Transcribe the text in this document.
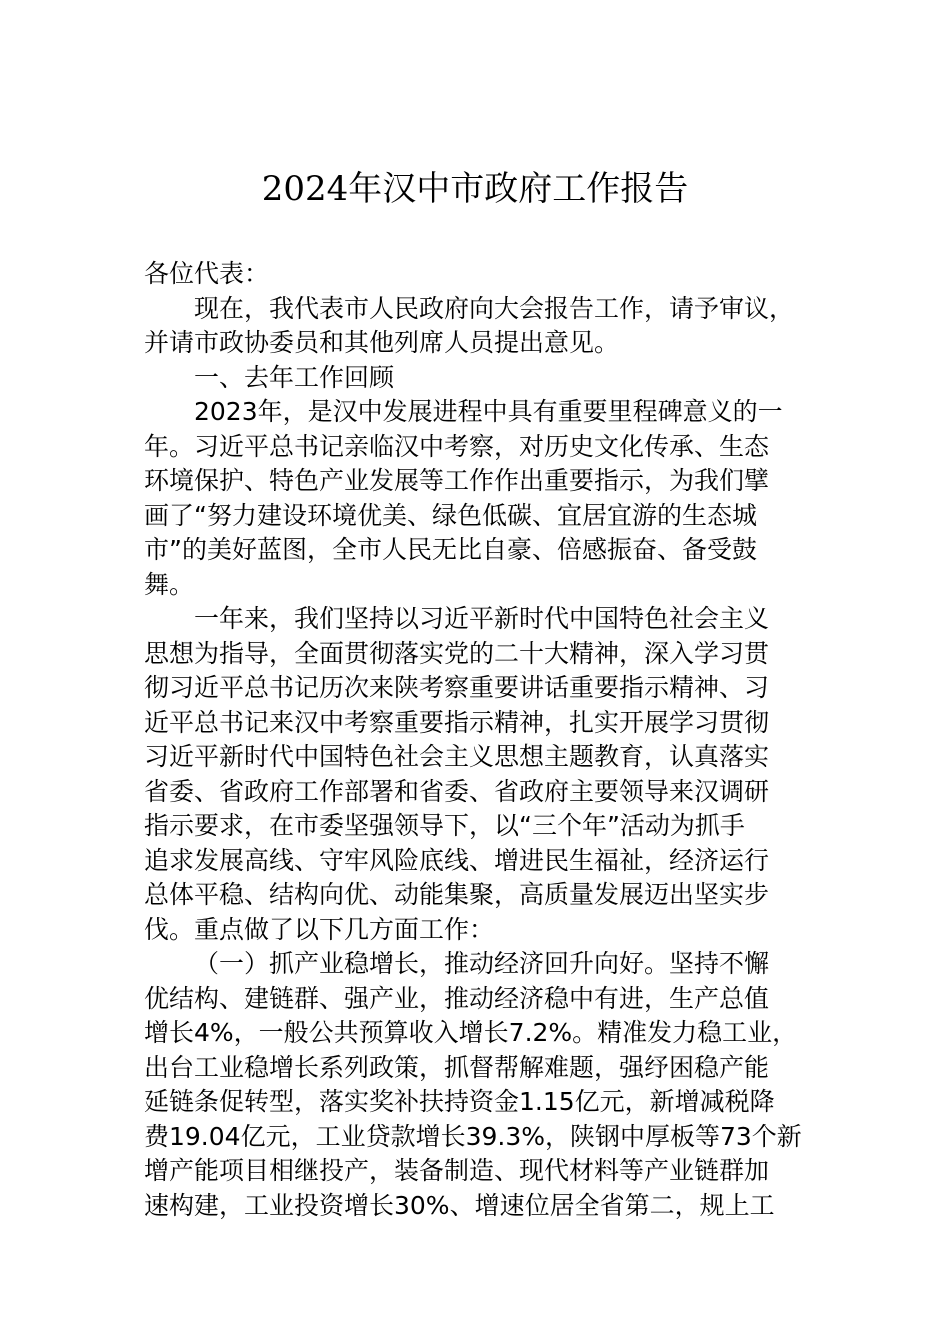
2024年汉中市政府工作报告
各位代表：
现在，我代表市人民政府向大会报告工作，请予审议，
并请市政协委员和其他列席人员提出意见。
一、去年工作回顾
2023年，是汉中发展进程中具有重要里程碑意义的一
年。习近平总书记亲临汉中考察，对历史文化传承、生态
环境保护、特色产业发展等工作作出重要指示，为我们擘
画了“努力建设环境优美、绿色低碳、宜居宜游的生态城
市”的美好蓝图，全市人民无比自豪、倍感振奋、备受鼓
舞。
一年来，我们坚持以习近平新时代中国特色社会主义
思想为指导，全面贯彻落实党的二十大精神，深入学习贯
彻习近平总书记历次来陕考察重要讲话重要指示精神、习
近平总书记来汉中考察重要指示精神，扎实开展学习贯彻
习近平新时代中国特色社会主义思想主题教育，认真落实
省委、省政府工作部署和省委、省政府主要领导来汉调研
指示要求，在市委坚强领导下，以“三个年”活动为抓手
追求发展高线、守牢风险底线、增进民生福祉，经济运行
总体平稳、结构向优、动能集聚，高质量发展迈出坚实步
伐。重点做了以下几方面工作：
（一）抓产业稳增长，推动经济回升向好。坚持不懈
优结构、建链群、强产业，推动经济稳中有进，生产总值
增长4%，一般公共预算收入增长7.2%。精准发力稳工业，
出台工业稳增长系列政策，抓督帮解难题，强纾困稳产能
延链条促转型，落实奖补扶持资金1.15亿元，新增减税降
费19.04亿元，工业贷款增长39.3%，陕钢中厚板等73个新
增产能项目相继投产，装备制造、现代材料等产业链群加
速构建，工业投资增长30%、增速位居全省第二，规上工
